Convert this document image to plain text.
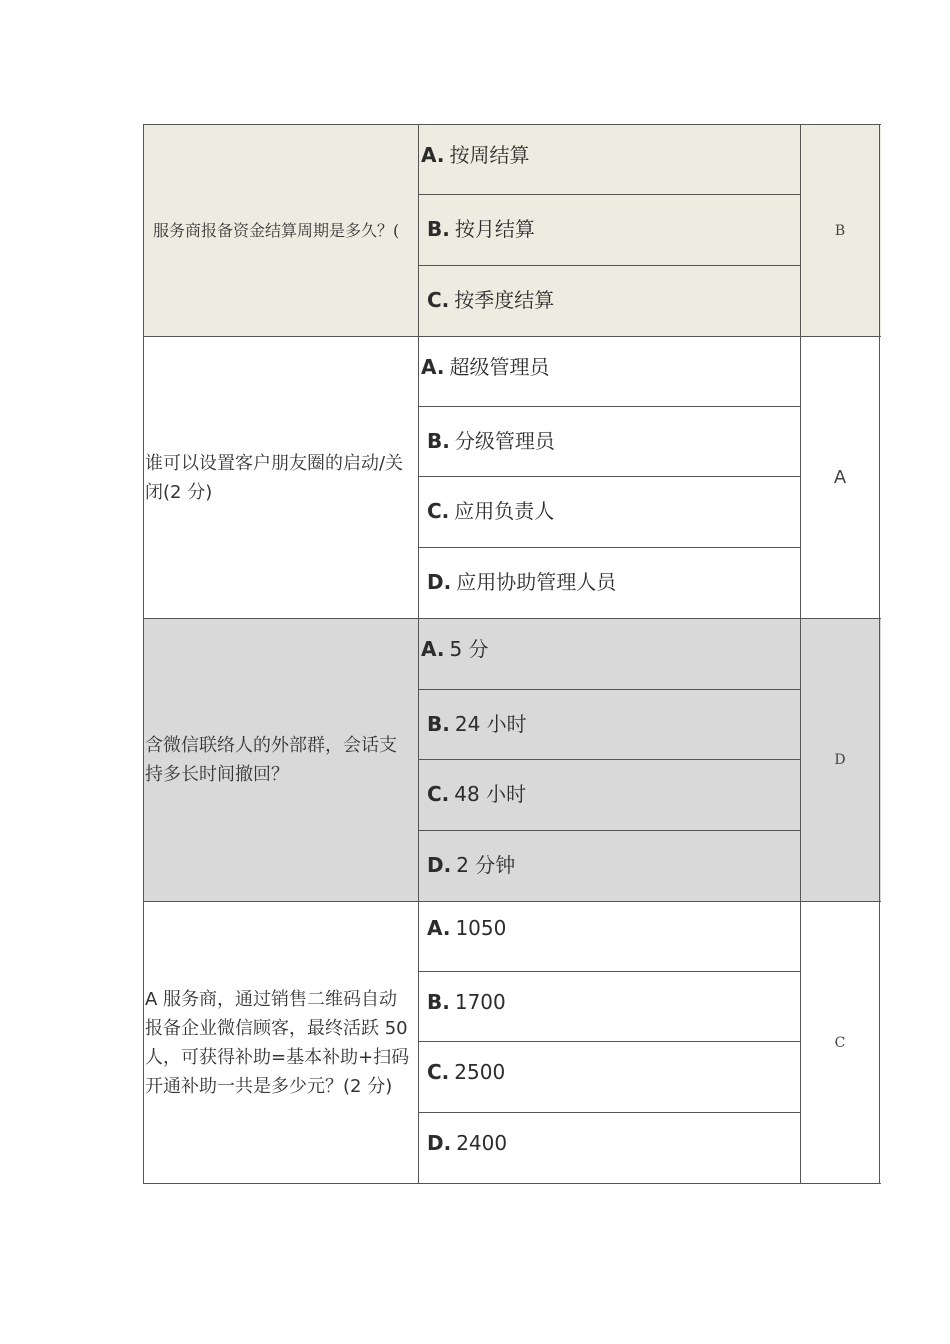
服务商报备资金结算周期是多久？(
A. 按周结算
B. 按月结算
C. 按季度结算
B
谁可以设置客户朋友圈的启动/关闭(2 分)
A. 超级管理员
B. 分级管理员
C. 应用负责人
D. 应用协助管理人员
A
含微信联络人的外部群，会话支持多长时间撤回？
A. 5 分
B. 24 小时
C. 48 小时
D. 2 分钟
D
A 服务商，通过销售二维码自动报备企业微信顾客，最终活跃 50 人，可获得补助=基本补助+扫码开通补助一共是多少元？(2 分)
A. 1050
B. 1700
C. 2500
D. 2400
C
